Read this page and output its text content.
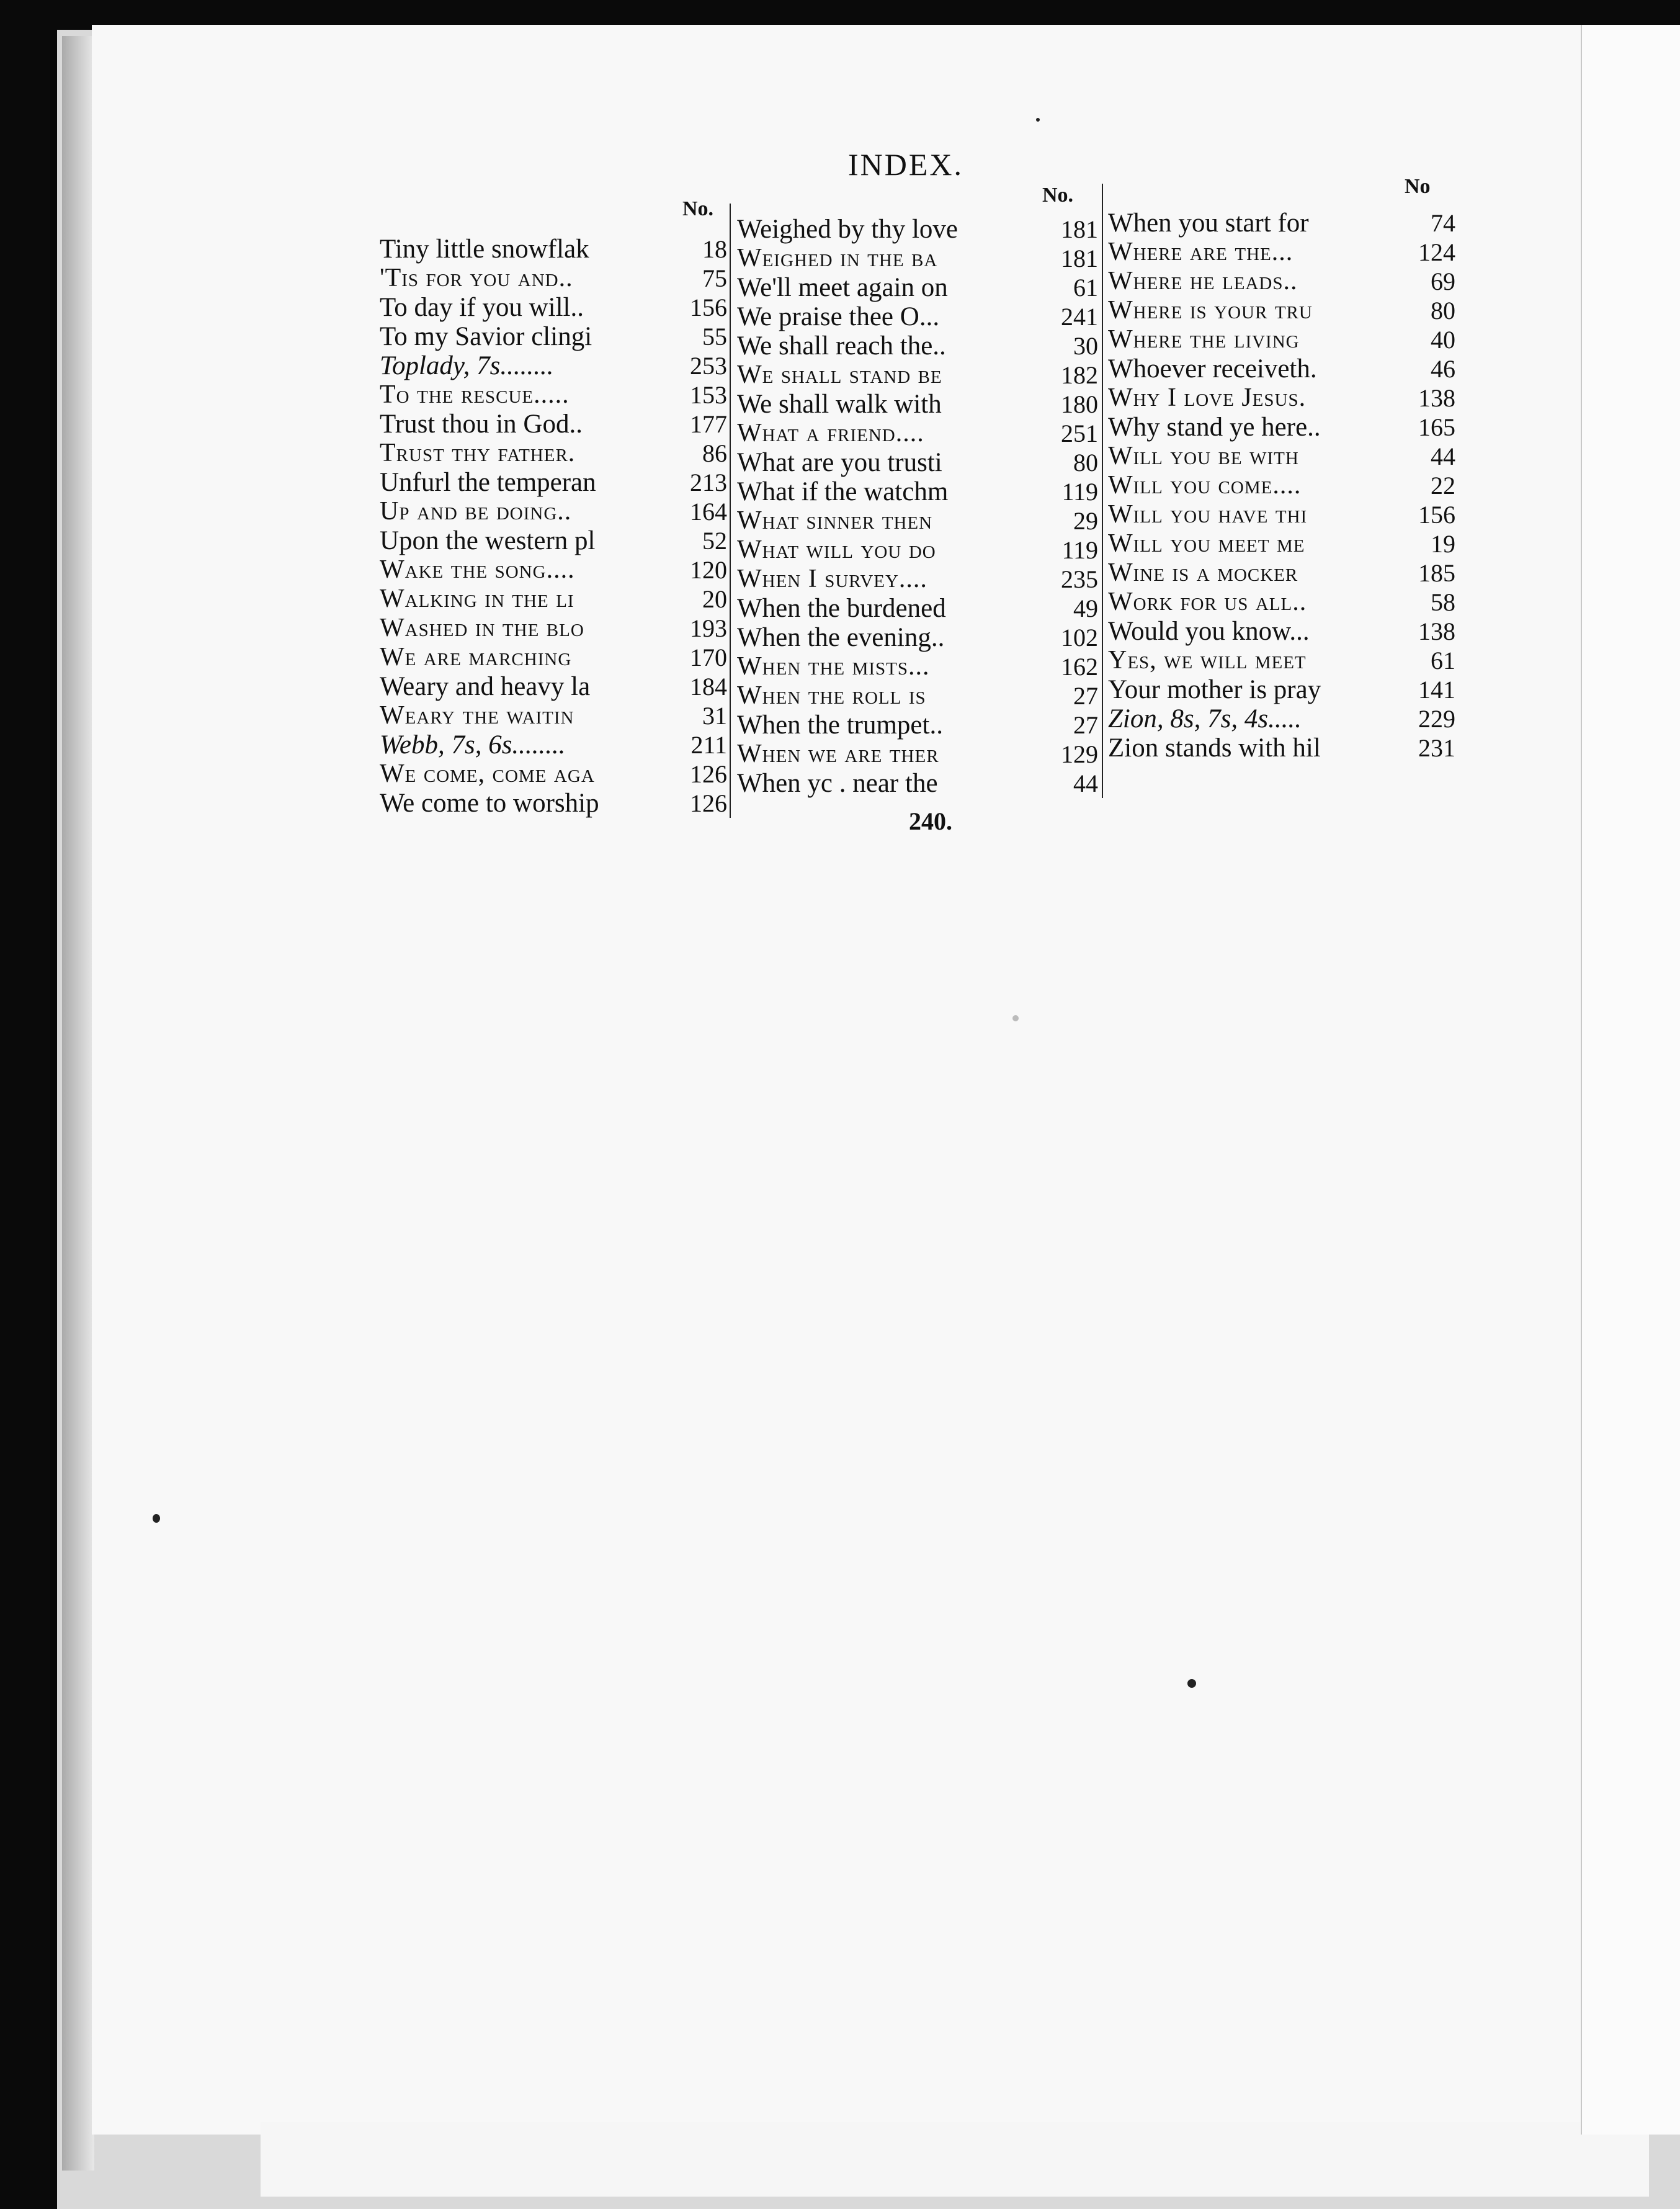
INDEX.
No.
Tiny little snowflak	18
'Tis for you and..	75
To day if you will..	156
To my Savior clingi	55
Toplady, 7s........	253
To the rescue.....	153
Trust thou in God..	177
Trust thy father.	86
Unfurl the temperan	213
Up and be doing..	164
Upon the western pl	52
Wake the song....	120
Walking in the li	20
Washed in the blo	193
We are marching	170
Weary and heavy la	184
Weary the waitin	31
Webb, 7s, 6s........	211
We come, come aga	126
We come to worship	126
No.
Weighed by thy love	181
Weighed in the ba	181
We'll meet again on	61
We praise thee O...	241
We shall reach the..	30
We shall stand be	182
We shall walk with	180
What a friend....	251
What are you trusti	80
What if the watchm	119
What sinner then	29
What will you do	119
When I survey....	235
When the burdened	49
When the evening..	102
When the mists...	162
When the roll is	27
When the trumpet..	27
When we are ther	129
When yc . near the	44
No
When you start for	74
Where are the...	124
Where he leads..	69
Where is your tru	80
Where the living	40
Whoever receiveth.	46
Why I love Jesus.	138
Why stand ye here..	165
Will you be with	44
Will you come....	22
Will you have thi	156
Will you meet me	19
Wine is a mocker	185
Work for us all..	58
Would you know...	138
Yes, we will meet	61
Your mother is pray	141
Zion, 8s, 7s, 4s.....	229
Zion stands with hil	231
240.
